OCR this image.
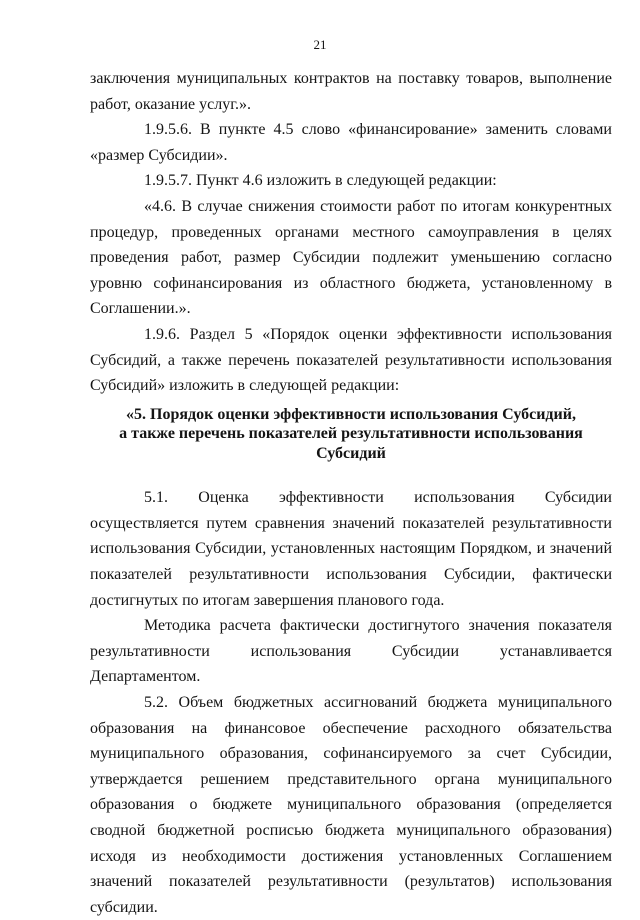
21

заключения муниципальных контрактов на поставку товаров, выполнение работ, оказание услуг.».

1.9.5.6. В пункте 4.5 слово «финансирование» заменить словами «размер Субсидии».

1.9.5.7. Пункт 4.6 изложить в следующей редакции:

«4.6. В случае снижения стоимости работ по итогам конкурентных процедур, проведенных органами местного самоуправления в целях проведения работ, размер Субсидии подлежит уменьшению согласно уровню софинансирования из областного бюджета, установленному в Соглашении.».

1.9.6. Раздел 5 «Порядок оценки эффективности использования Субсидий, а также перечень показателей результативности использования Субсидий» изложить в следующей редакции:

«5. Порядок оценки эффективности использования Субсидий,
а также перечень показателей результативности использования
Субсидий

5.1. Оценка эффективности использования Субсидии осуществляется путем сравнения значений показателей результативности использования Субсидии, установленных настоящим Порядком, и значений показателей результативности использования Субсидии, фактически достигнутых по итогам завершения планового года.

Методика расчета фактически достигнутого значения показателя результативности использования Субсидии устанавливается Департаментом.

5.2. Объем бюджетных ассигнований бюджета муниципального образования на финансовое обеспечение расходного обязательства муниципального образования, софинансируемого за счет Субсидии, утверждается решением представительного органа муниципального образования о бюджете муниципального образования (определяется сводной бюджетной росписью бюджета муниципального образования) исходя из необходимости достижения установленных Соглашением значений показателей результативности (результатов) использования субсидии.
